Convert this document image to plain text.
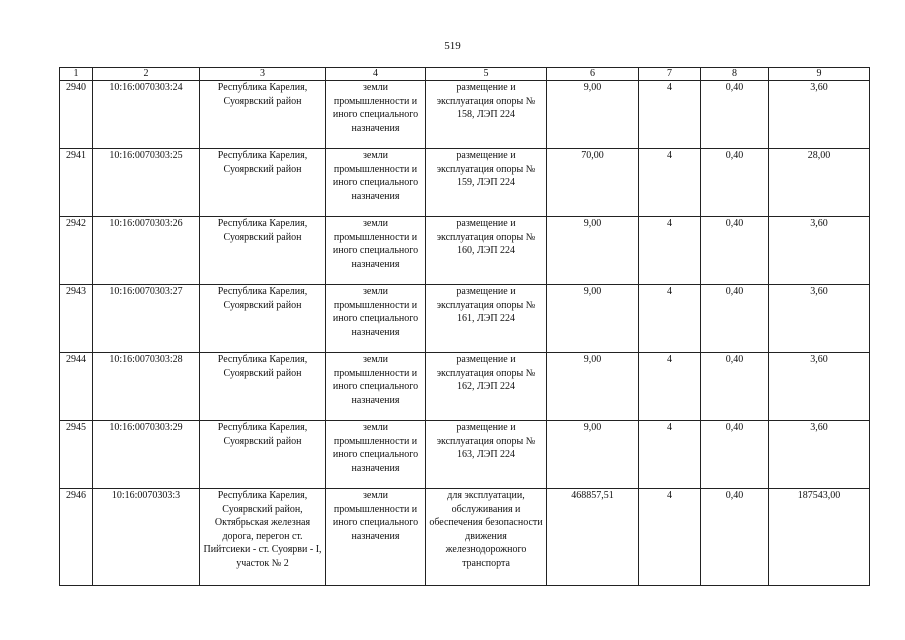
519
1	2	3	4	5	6	7	8	9
2940	10:16:0070303:24	Республика Карелия, Суоярвский район	земли промышленности и иного специального назначения	размещение и эксплуатация опоры № 158, ЛЭП 224	9,00	4	0,40	3,60
2941	10:16:0070303:25	Республика Карелия, Суоярвский район	земли промышленности и иного специального назначения	размещение и эксплуатация опоры № 159, ЛЭП 224	70,00	4	0,40	28,00
2942	10:16:0070303:26	Республика Карелия, Суоярвский район	земли промышленности и иного специального назначения	размещение и эксплуатация опоры № 160, ЛЭП 224	9,00	4	0,40	3,60
2943	10:16:0070303:27	Республика Карелия, Суоярвский район	земли промышленности и иного специального назначения	размещение и эксплуатация опоры № 161, ЛЭП 224	9,00	4	0,40	3,60
2944	10:16:0070303:28	Республика Карелия, Суоярвский район	земли промышленности и иного специального назначения	размещение и эксплуатация опоры № 162, ЛЭП 224	9,00	4	0,40	3,60
2945	10:16:0070303:29	Республика Карелия, Суоярвский район	земли промышленности и иного специального назначения	размещение и эксплуатация опоры № 163, ЛЭП 224	9,00	4	0,40	3,60
2946	10:16:0070303:3	Республика Карелия, Суоярвский район, Октябрьская железная дорога, перегон ст. Пийтсиеки - ст. Суоярви - I, участок № 2	земли промышленности и иного специального назначения	для эксплуатации, обслуживания и обеспечения безопасности движения железнодорожного транспорта	468857,51	4	0,40	187543,00
